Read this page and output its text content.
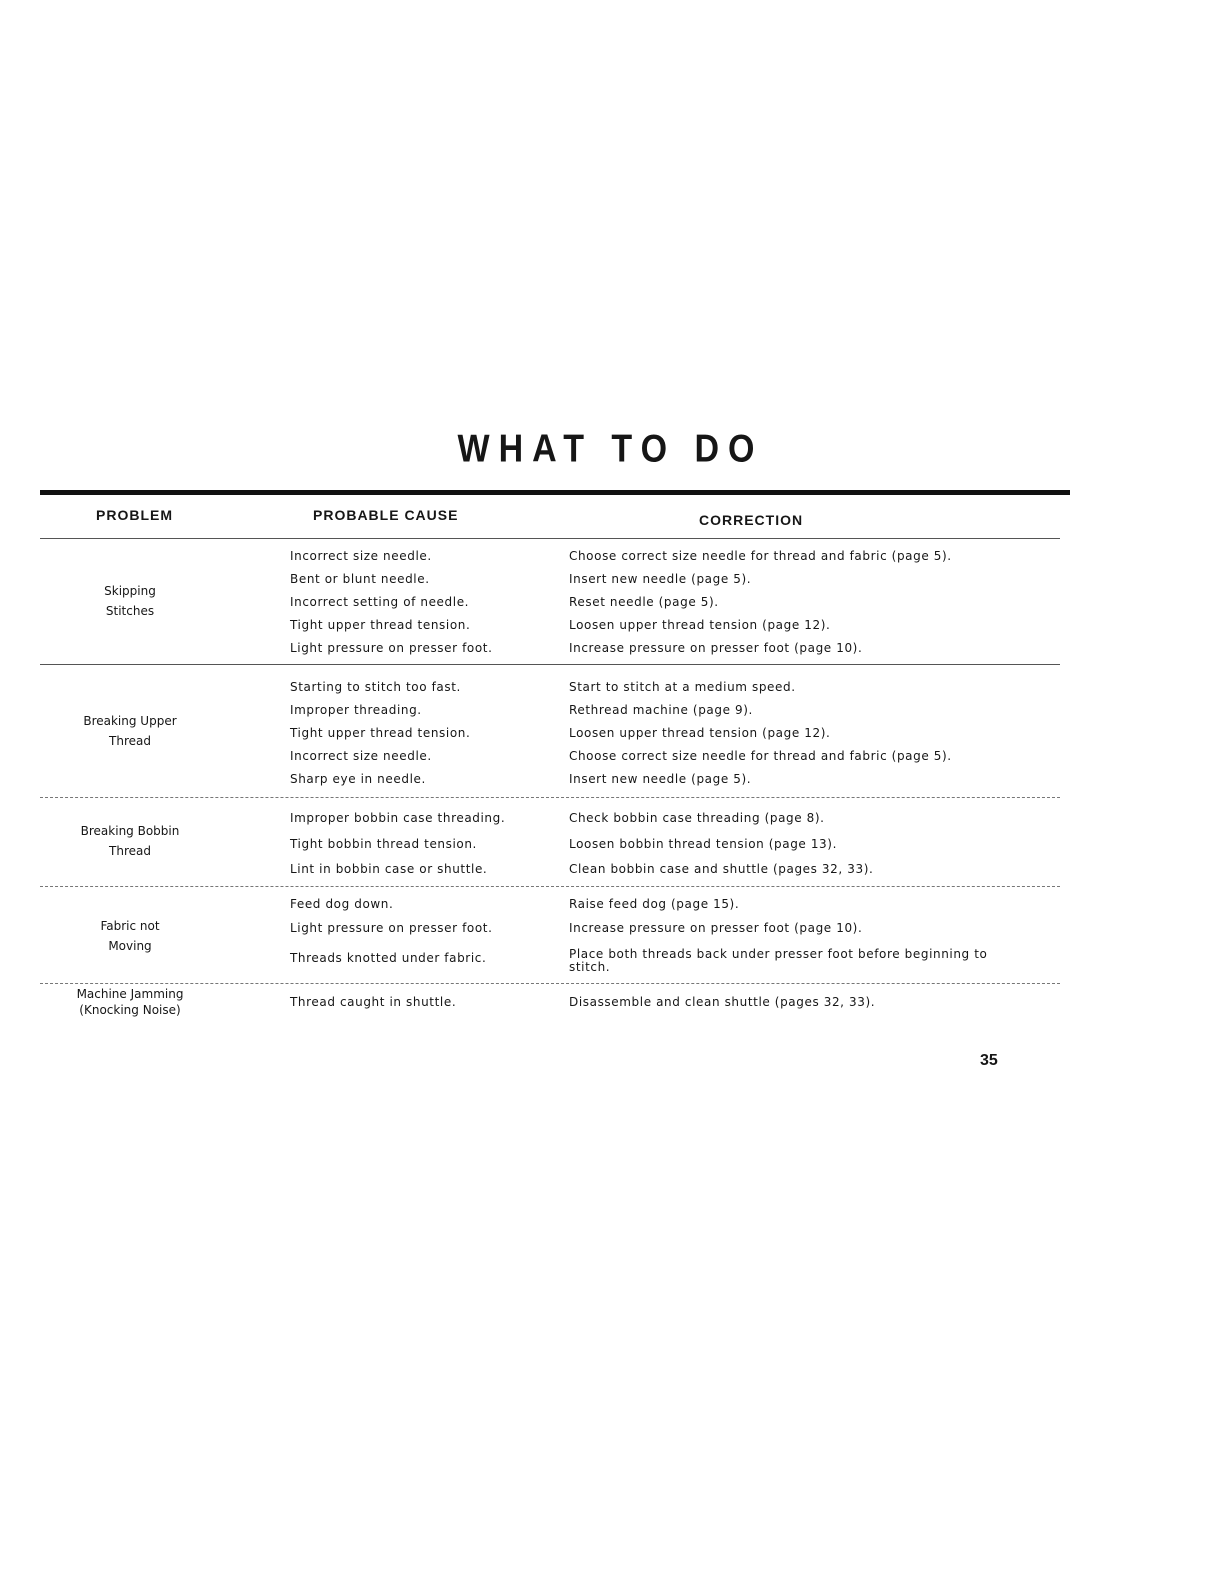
WHAT TO DO
PROBLEM	PROBABLE CAUSE	CORRECTION
Skipping
Stitches
Incorrect size needle.	Choose correct size needle for thread and fabric (page 5).
Bent or blunt needle.	Insert new needle (page 5).
Incorrect setting of needle.	Reset needle (page 5).
Tight upper thread tension.	Loosen upper thread tension (page 12).
Light pressure on presser foot.	Increase pressure on presser foot (page 10).
Breaking Upper
Thread
Starting to stitch too fast.	Start to stitch at a medium speed.
Improper threading.	Rethread machine (page 9).
Tight upper thread tension.	Loosen upper thread tension (page 12).
Incorrect size needle.	Choose correct size needle for thread and fabric (page 5).
Sharp eye in needle.	Insert new needle (page 5).
Breaking Bobbin
Thread
Improper bobbin case threading.	Check bobbin case threading (page 8).
Tight bobbin thread tension.	Loosen bobbin thread tension (page 13).
Lint in bobbin case or shuttle.	Clean bobbin case and shuttle (pages 32, 33).
Fabric not
Moving
Feed dog down.	Raise feed dog (page 15).
Light pressure on presser foot.	Increase pressure on presser foot (page 10).
Threads knotted under fabric.	Place both threads back under presser foot before beginning to stitch.
Machine Jamming
(Knocking Noise)
Thread caught in shuttle.	Disassemble and clean shuttle (pages 32, 33).
35
